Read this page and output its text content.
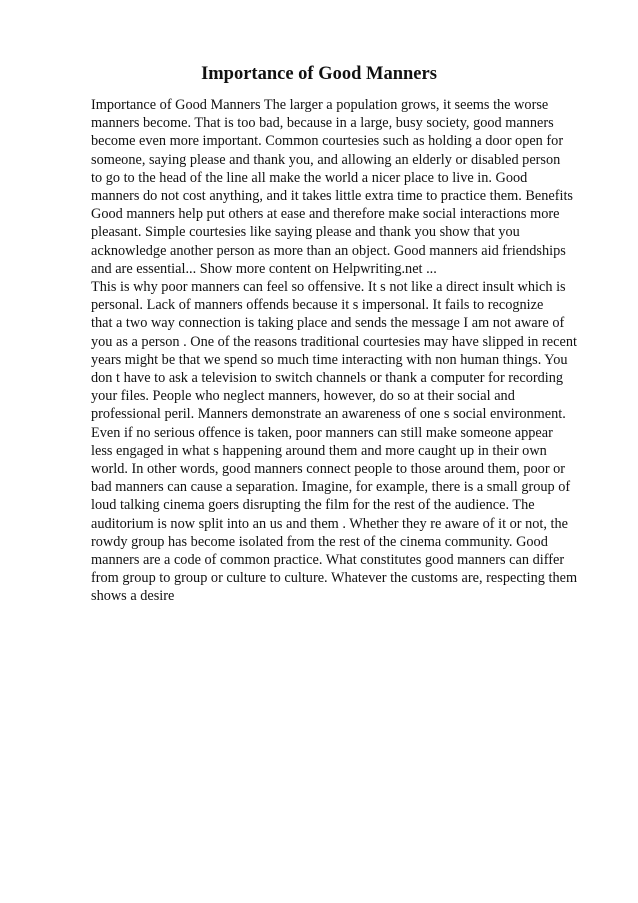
Importance of Good Manners
Importance of Good Manners The larger a population grows, it seems the worse
manners become. That is too bad, because in a large, busy society, good manners
become even more important. Common courtesies such as holding a door open for
someone, saying please and thank you, and allowing an elderly or disabled person
to go to the head of the line all make the world a nicer place to live in. Good
manners do not cost anything, and it takes little extra time to practice them. Benefits
Good manners help put others at ease and therefore make social interactions more
pleasant. Simple courtesies like saying please and thank you show that you
acknowledge another person as more than an object. Good manners aid friendships
and are essential... Show more content on Helpwriting.net ...
This is why poor manners can feel so offensive. It s not like a direct insult which is
personal. Lack of manners offends because it s impersonal. It fails to recognize
that a two way connection is taking place and sends the message I am not aware of
you as a person . One of the reasons traditional courtesies may have slipped in recent
years might be that we spend so much time interacting with non human things. You
don t have to ask a television to switch channels or thank a computer for recording
your files. People who neglect manners, however, do so at their social and
professional peril. Manners demonstrate an awareness of one s social environment.
Even if no serious offence is taken, poor manners can still make someone appear
less engaged in what s happening around them and more caught up in their own
world. In other words, good manners connect people to those around them, poor or
bad manners can cause a separation. Imagine, for example, there is a small group of
loud talking cinema goers disrupting the film for the rest of the audience. The
auditorium is now split into an us and them . Whether they re aware of it or not, the
rowdy group has become isolated from the rest of the cinema community. Good
manners are a code of common practice. What constitutes good manners can differ
from group to group or culture to culture. Whatever the customs are, respecting them
shows a desire
